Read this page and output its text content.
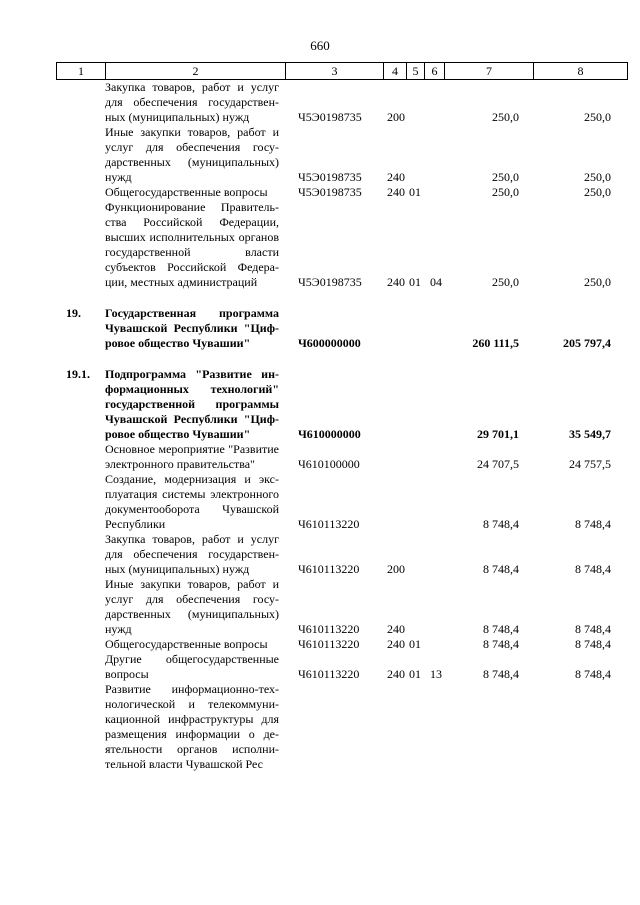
660
1	2	3	4	5	6	7	8
Закупка товаров, работ и услуг для обеспечения государственных (муниципальных) нужд	Ч5Э0198735 200	250,0	250,0
Иные закупки товаров, работ и услуг для обеспечения государственных (муниципальных) нужд	Ч5Э0198735 240	250,0	250,0
Общегосударственные вопросы	Ч5Э0198735 240 01	250,0	250,0
Функционирование Правительства Российской Федерации, высших исполнительных органов государственной власти субъектов Российской Федерации, местных администраций	Ч5Э0198735 240 01 04	250,0	250,0
19. Государственная программа Чувашской Республики "Цифровое общество Чувашии"	Ч600000000	260 111,5	205 797,4
19.1. Подпрограмма "Развитие информационных технологий" государственной программы Чувашской Республики "Цифровое общество Чувашии"	Ч610000000	29 701,1	35 549,7
Основное мероприятие "Развитие электронного правительства"	Ч610100000	24 707,5	24 757,5
Создание, модернизация и эксплуатация системы электронного документооборота Чувашской Республики	Ч610113220	8 748,4	8 748,4
Закупка товаров, работ и услуг для обеспечения государственных (муниципальных) нужд	Ч610113220 200	8 748,4	8 748,4
Иные закупки товаров, работ и услуг для обеспечения государственных (муниципальных) нужд	Ч610113220 240	8 748,4	8 748,4
Общегосударственные вопросы	Ч610113220 240 01	8 748,4	8 748,4
Другие общегосударственные вопросы	Ч610113220 240 01 13	8 748,4	8 748,4
Развитие информационно-технологической и телекоммуникационной инфраструктуры для размещения информации о деятельности органов исполнительной власти Чувашской Рес
